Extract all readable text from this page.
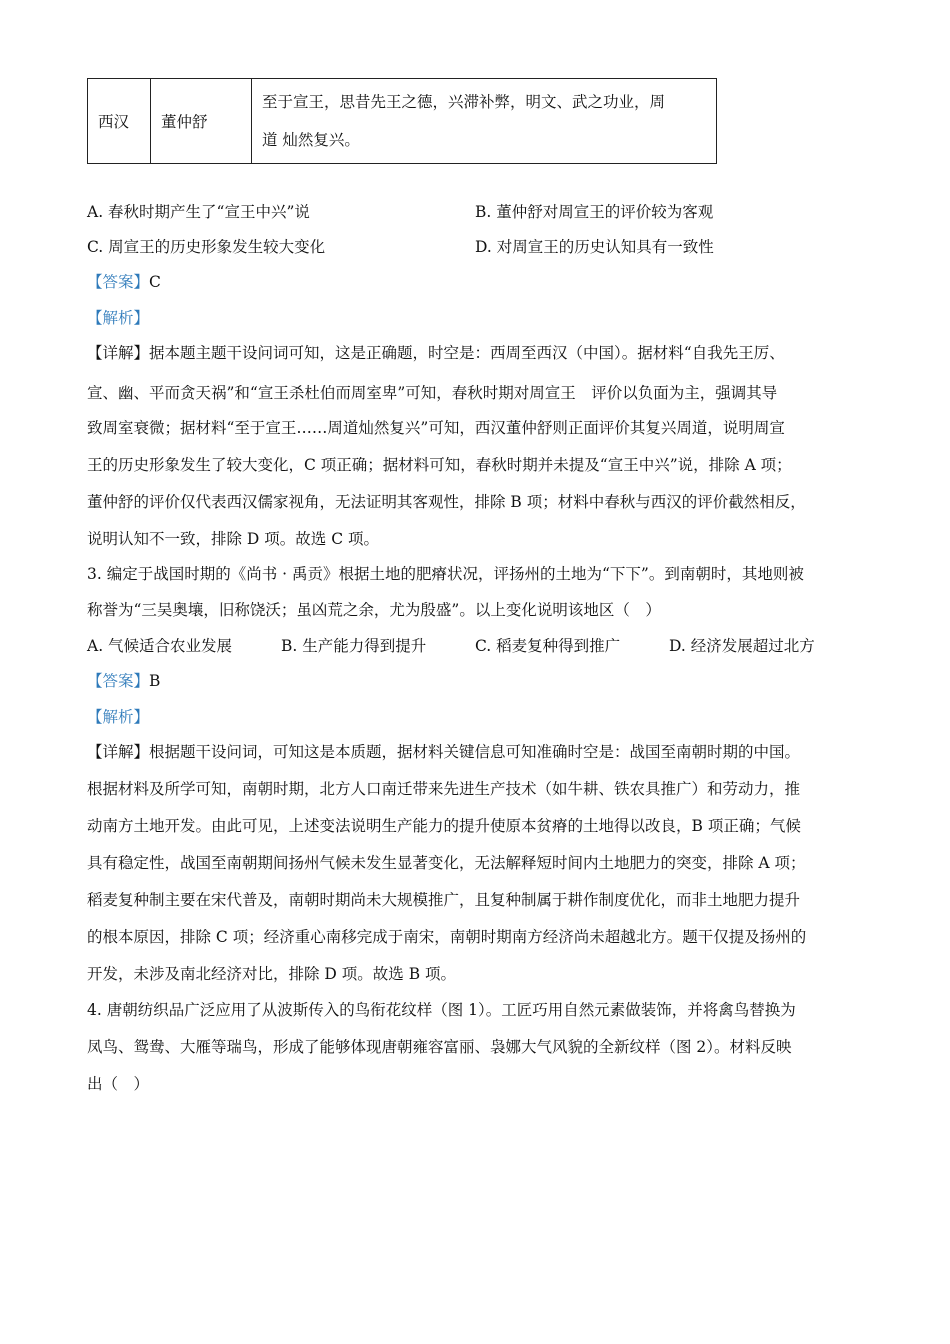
西汉	董仲舒	
至于宣王，思昔先王之德，兴滞补弊，明文、武之功业，周
道 灿然复兴。
A. 春秋时期产生了“宣王中兴”说	B. 董仲舒对周宣王的评价较为客观
C. 周宣王的历史形象发生较大变化	D. 对周宣王的历史认知具有一致性
【答案】C
【解析】
【详解】据本题主题干设问词可知，这是正确题，时空是：西周至西汉（中国）。据材料“自我先王厉、
宣、幽、平而贪天祸”和“宣王杀杜伯而周室卑”可知，春秋时期对周宣王　评价以负面为主，强调其导
致周室衰微；据材料“至于宣王……周道灿然复兴”可知，西汉董仲舒则正面评价其复兴周道，说明周宣
王的历史形象发生了较大变化，C 项正确；据材料可知，春秋时期并未提及“宣王中兴”说，排除 A 项；
董仲舒的评价仅代表西汉儒家视角，无法证明其客观性，排除 B 项；材料中春秋与西汉的评价截然相反，
说明认知不一致，排除 D 项。故选 C 项。
3. 编定于战国时期的《尚书 · 禹贡》根据土地的肥瘠状况，评扬州的土地为“下下”。到南朝时，其地则被
称誉为“三吴奥壤，旧称饶沃；虽凶荒之余，尤为殷盛”。以上变化说明该地区（　）
A. 气候适合农业发展	B. 生产能力得到提升	C. 稻麦复种得到推广	D. 经济发展超过北方
【答案】B
【解析】
【详解】根据题干设问词，可知这是本质题，据材料关键信息可知准确时空是：战国至南朝时期的中国。
根据材料及所学可知，南朝时期，北方人口南迁带来先进生产技术（如牛耕、铁农具推广）和劳动力，推
动南方土地开发。由此可见，上述变法说明生产能力的提升使原本贫瘠的土地得以改良，B 项正确；气候
具有稳定性，战国至南朝期间扬州气候未发生显著变化，无法解释短时间内土地肥力的突变，排除 A 项；
稻麦复种制主要在宋代普及，南朝时期尚未大规模推广，且复种制属于耕作制度优化，而非土地肥力提升
的根本原因，排除 C 项；经济重心南移完成于南宋，南朝时期南方经济尚未超越北方。题干仅提及扬州的
开发，未涉及南北经济对比，排除 D 项。故选 B 项。
4. 唐朝纺织品广泛应用了从波斯传入的鸟衔花纹样（图 1）。工匠巧用自然元素做装饰，并将禽鸟替换为
凤鸟、鸳鸯、大雁等瑞鸟，形成了能够体现唐朝雍容富丽、袅娜大气风貌的全新纹样（图 2）。材料反映
出（　）
